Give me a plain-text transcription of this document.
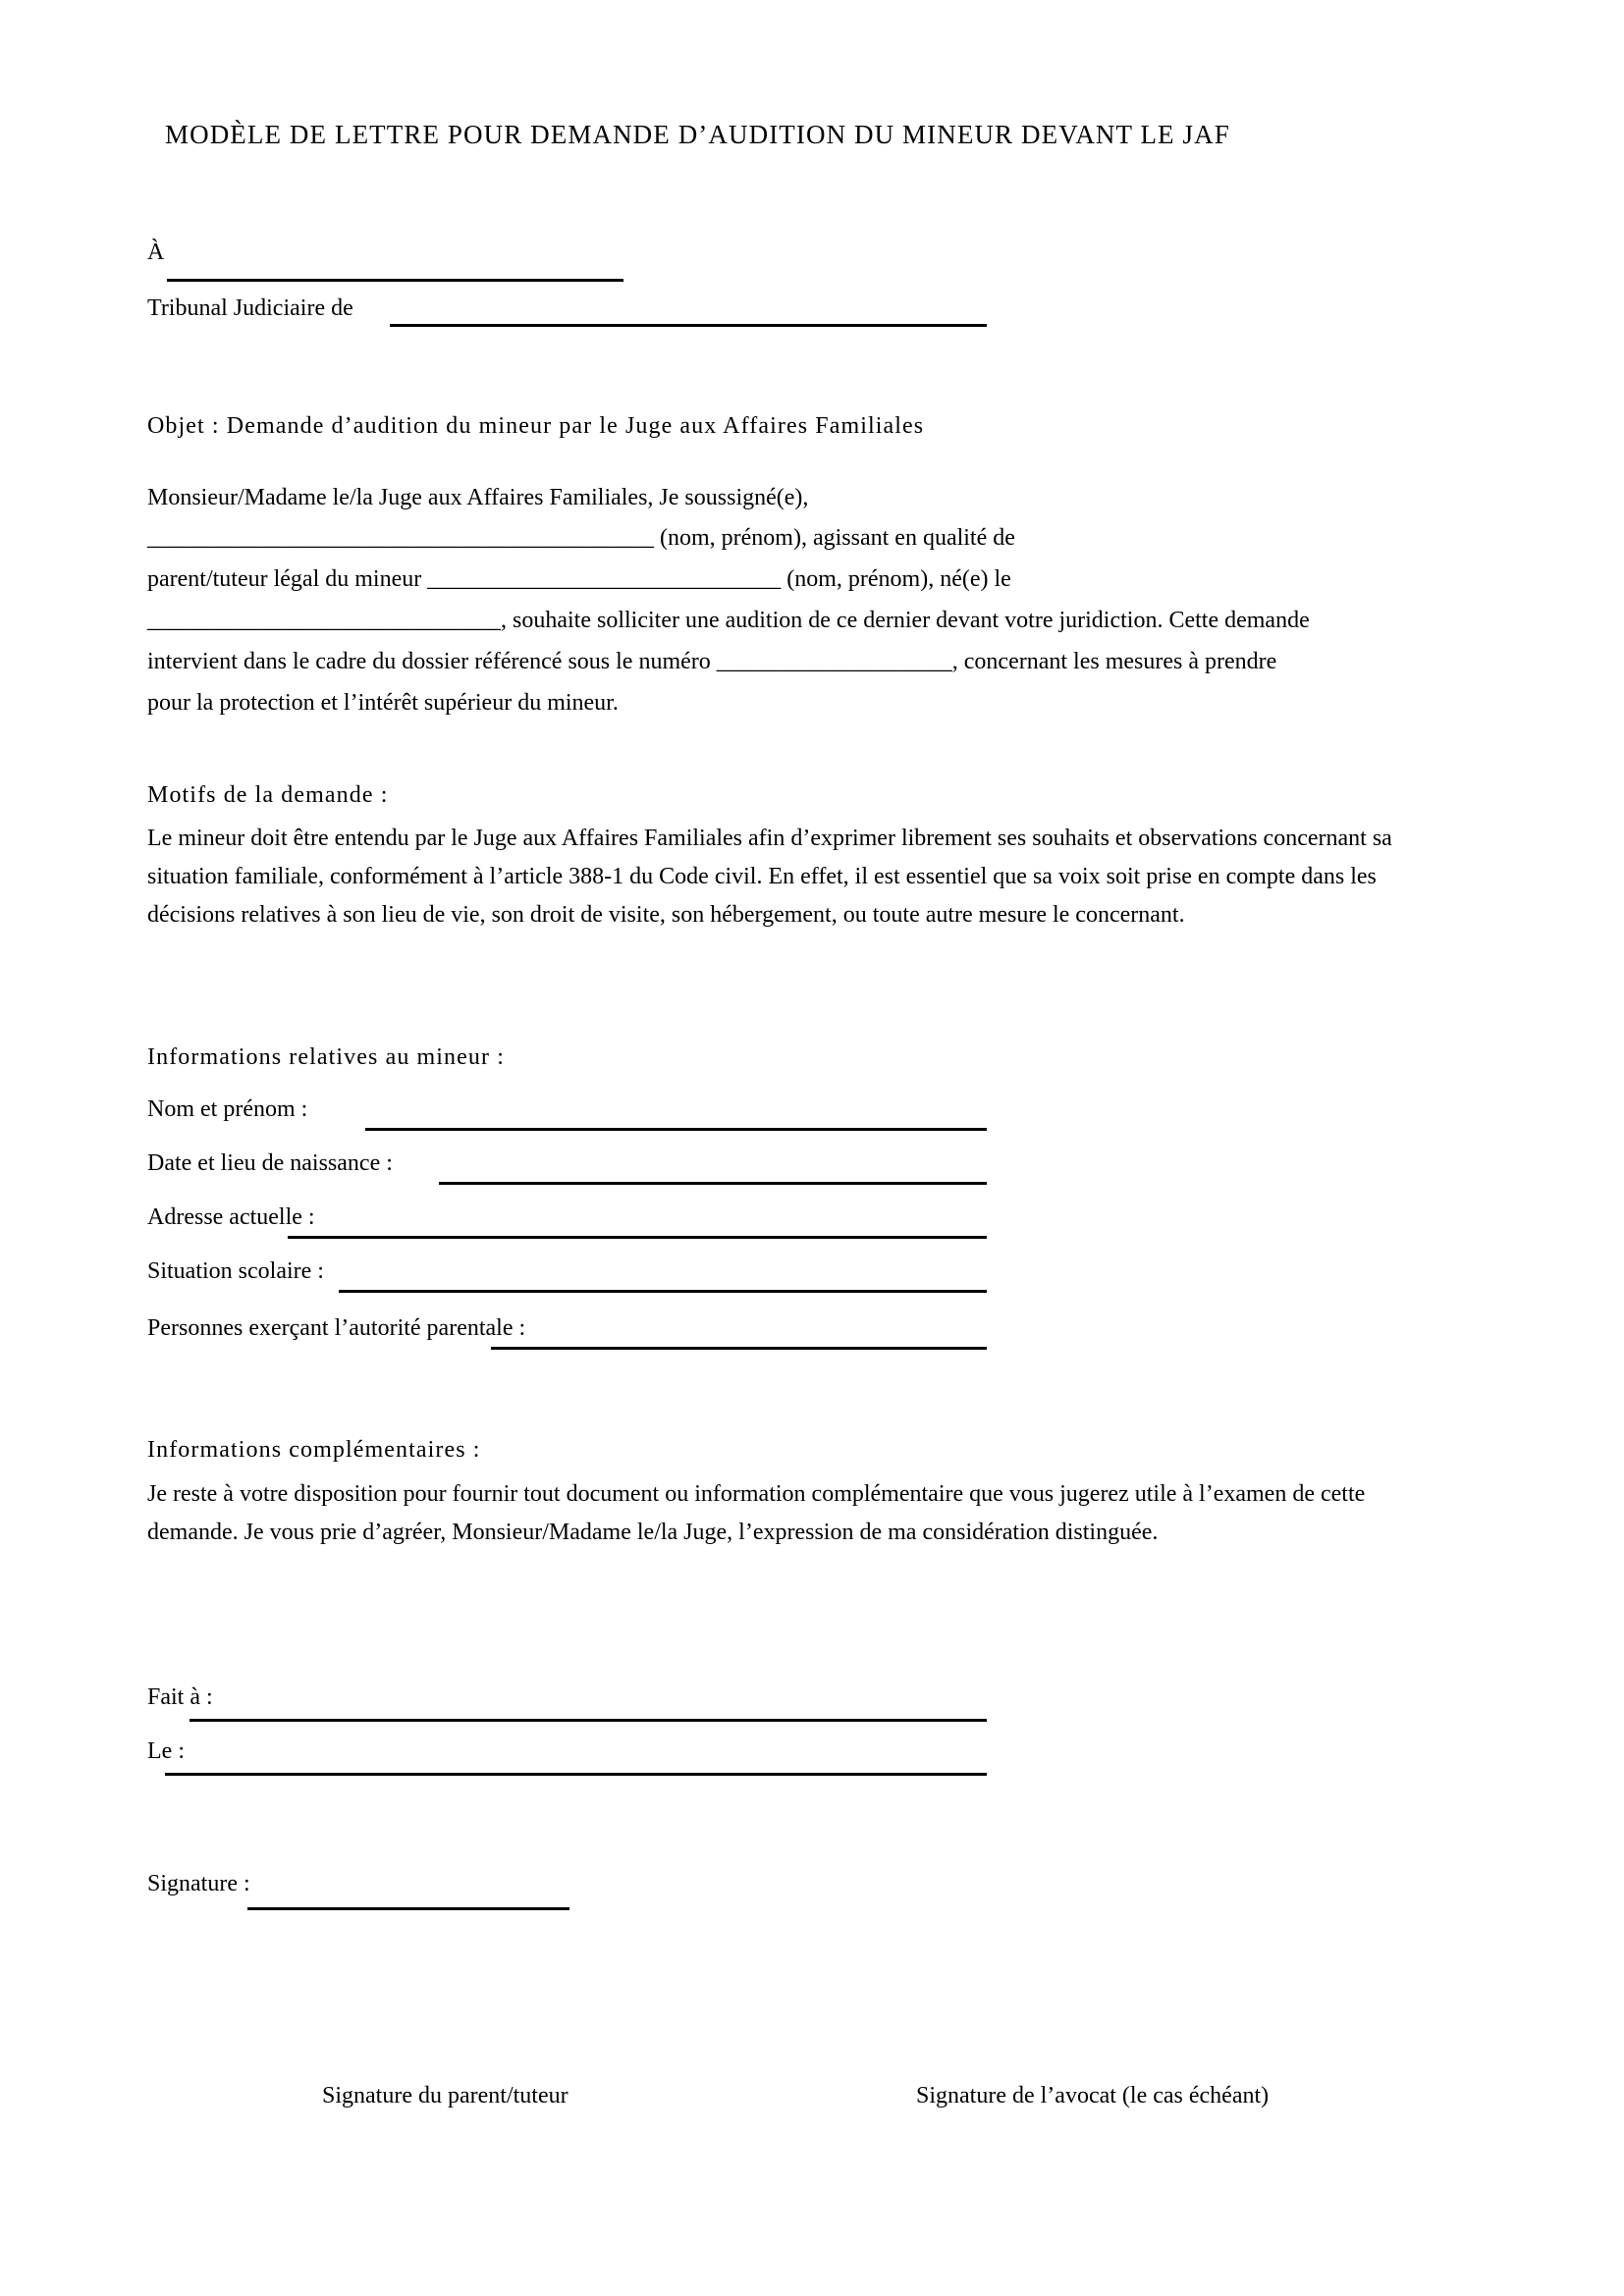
MODÈLE DE LETTRE POUR DEMANDE D’AUDITION DU MINEUR DEVANT LE JAF
À
Tribunal Judiciaire de
Objet : Demande d’audition du mineur par le Juge aux Affaires Familiales
Monsieur/Madame le/la Juge aux Affaires Familiales, Je soussigné(e),
___________________________________________ (nom, prénom), agissant en qualité de
parent/tuteur légal du mineur ______________________________ (nom, prénom), né(e) le
______________________________, souhaite solliciter une audition de ce dernier devant votre juridiction. Cette demande
intervient dans le cadre du dossier référencé sous le numéro ____________________, concernant les mesures à prendre
pour la protection et l’intérêt supérieur du mineur.
Motifs de la demande :
Le mineur doit être entendu par le Juge aux Affaires Familiales afin d’exprimer librement ses souhaits et observations concernant sa situation familiale, conformément à l’article 388-1 du Code civil. En effet, il est essentiel que sa voix soit prise en compte dans les décisions relatives à son lieu de vie, son droit de visite, son hébergement, ou toute autre mesure le concernant.
Informations relatives au mineur :
Nom et prénom :
Date et lieu de naissance :
Adresse actuelle :
Situation scolaire :
Personnes exerçant l’autorité parentale :
Informations complémentaires :
Je reste à votre disposition pour fournir tout document ou information complémentaire que vous jugerez utile à l’examen de cette demande. Je vous prie d’agréer, Monsieur/Madame le/la Juge, l’expression de ma considération distinguée.
Fait à :
Le :
Signature :
Signature du parent/tuteur	Signature de l’avocat (le cas échéant)
